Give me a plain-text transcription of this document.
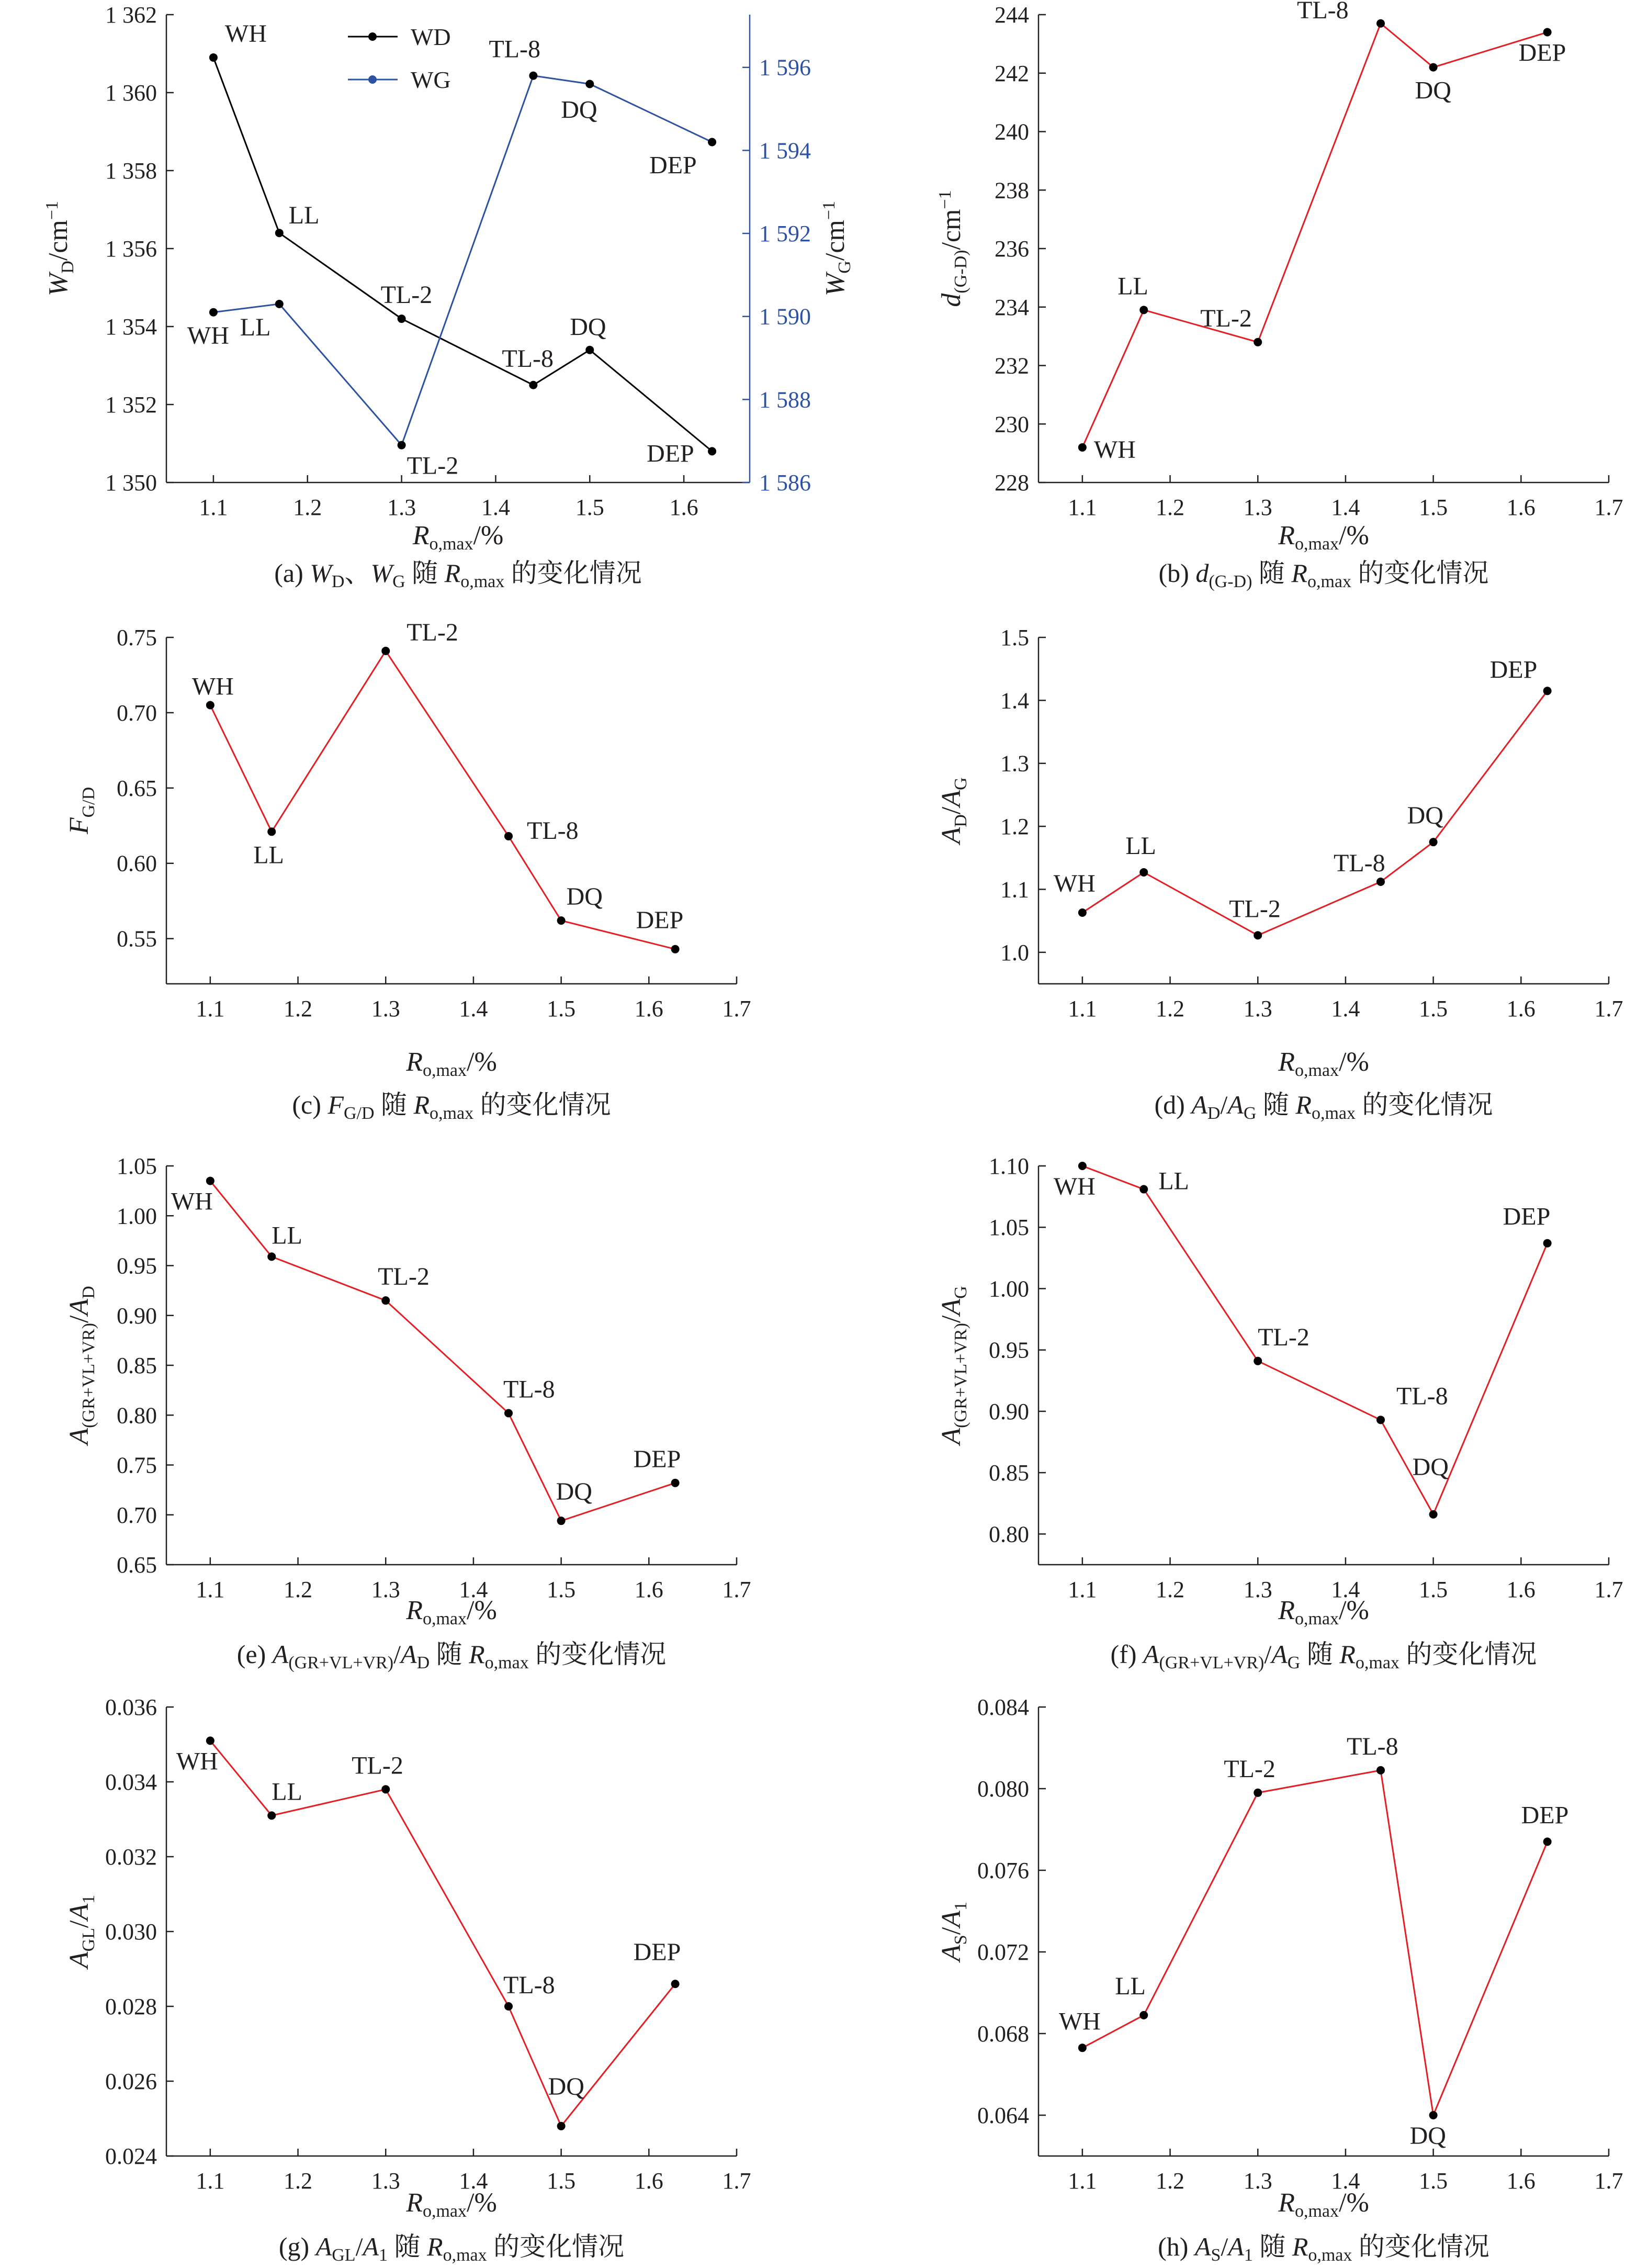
1 350
1 352
1 354
1 356
1 358
1 360
1 362
1.1	1.2	1.3	1.4	1.5	1.6
1 586
1 588
1 590
1 592
1 594
1 596
WH
LL
TL-2
TL-8
DQ
DEP
WH LL
TL-2
TL-8
DQ
DEP
WD
WG
Ro,max/%
$W_D/cm^{-1}$
$W_G/cm^{-1}$
(a) $W_D$、$W_G$ 随 $R_{o,max}$ 的变化情况
228
230
232
234
236
238
240
242
244
1.1	1.2	1.3	1.4	1.5	1.6	1.7
WH
LL
TL-2
TL-8
DQ
DEP
Ro,max/%
$d_{(G-D)}/cm^{-1}$
(b) $d_{(G-D)}$ 随 $R_{o,max}$ 的变化情况
0.55
0.60
0.65
0.70
0.75
1.1	1.2	1.3	1.4	1.5	1.6	1.7
WH
LL
TL-2
TL-8
DQ
DEP
Ro,max/%
$F_{G/D}$
(c) $F_{G/D}$ 随 $R_{o,max}$ 的变化情况
1.0
1.1
1.2
1.3
1.4
1.5
1.1	1.2	1.3	1.4	1.5	1.6	1.7
WH
LL
TL-2
TL-8
DQ
DEP
Ro,max/%
$A_D/A_G$
(d) $A_D/A_G$ 随 $R_{o,max}$ 的变化情况
0.65
0.70
0.75
0.80
0.85
0.90
0.95
1.00
1.05
1.1	1.2	1.3	1.4	1.5	1.6	1.7
WH
LL
TL-2
TL-8
DQ
DEP
Ro,max/%
$A_{(GR+VL+VR)}/A_D$
(e) $A_{(GR+VL+VR)}/A_D$ 随 $R_{o,max}$ 的变化情况
0.80
0.85
0.90
0.95
1.00
1.05
1.10
1.1	1.2	1.3	1.4	1.5	1.6	1.7
WH	LL
TL-2
TL-8
DQ
DEP
Ro,max/%
$A_{(GR+VL+VR)}/A_G$
(f) $A_{(GR+VL+VR)}/A_G$ 随 $R_{o,max}$ 的变化情况
0.024
0.026
0.028
0.030
0.032
0.034
0.036
1.1	1.2	1.3	1.4	1.5	1.6	1.7
WH
LL
TL-2
TL-8
DQ
DEP
Ro,max/%
$A_{GL}/A_1$
(g) $A_{GL}/A_1$ 随 $R_{o,max}$ 的变化情况
0.064
0.068
0.072
0.076
0.080
0.084
1.1	1.2	1.3	1.4	1.5	1.6	1.7
WH
LL
TL-2
TL-8
DQ
DEP
Ro,max/%
$A_S/A_1$
(h) $A_S/A_1$ 随 $R_{o,max}$ 的变化情况
